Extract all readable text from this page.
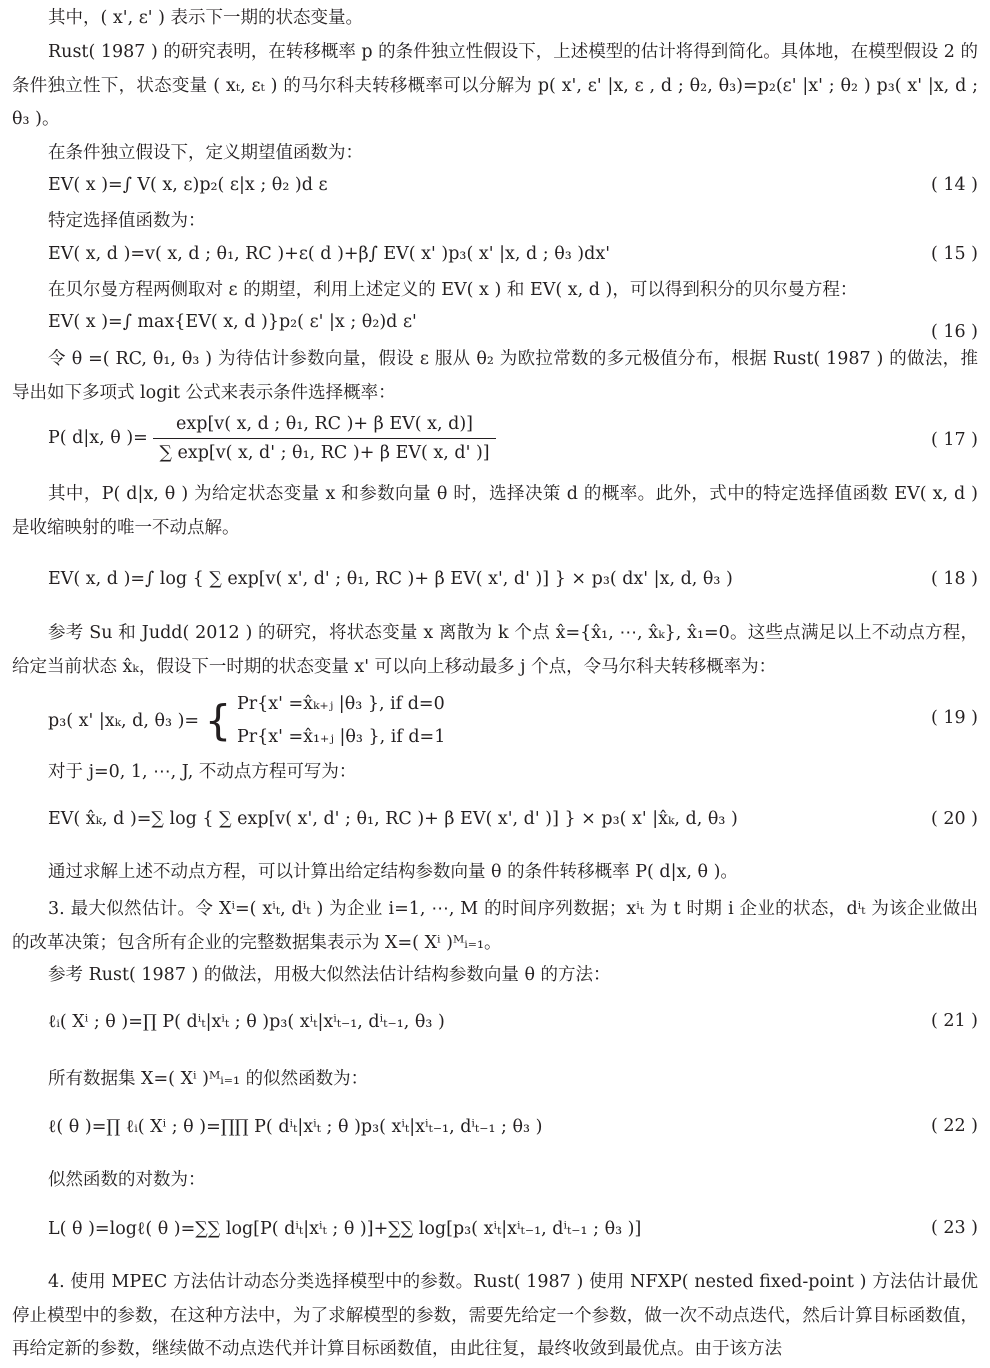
其中，( x', ε' ) 表示下一期的状态变量。

Rust( 1987 ) 的研究表明，在转移概率 p 的条件独立性假设下，上述模型的估计将得到简化。具体地，在模型假设 2 的条件独立性下，状态变量 ( xₜ, εₜ ) 的马尔科夫转移概率可以分解为 p( x', ε' |x, ε , d ; θ₂, θ₃)=p₂(ε' |x' ; θ₂ ) p₃( x' |x, d ; θ₃ )。

在条件独立假设下，定义期望值函数为：

EV( x )=∫ V( x, ε)p₂( ε|x ; θ₂ )d ε	( 14 )

特定选择值函数为：

EV( x, d )=v( x, d ; θ₁, RC )+ε( d )+β∫ EV( x' )p₃( x' |x, d ; θ₃ )dx'	( 15 )

在贝尔曼方程两侧取对 ε 的期望，利用上述定义的 EV( x ) 和 EV( x, d )，可以得到积分的贝尔曼方程：

EV( x )=∫ max{EV( x, d )}p₂( ε' |x ; θ₂)d ε'	( 16 )

令 θ =( RC, θ₁, θ₃ ) 为待估计参数向量，假设 ε 服从 θ₂ 为欧拉常数的多元极值分布，根据 Rust( 1987 ) 的做法，推导出如下多项式 logit 公式来表示条件选择概率：

P( d|x, θ )= $\frac{\text{exp[v( x, d ; θ₁, RC )+ β EV( x, d)]}}{\text{∑ exp[v( x, d' ; θ₁, RC )+ β EV( x, d' )]}}$	( 17 )

其中，P( d|x, θ ) 为给定状态变量 x 和参数向量 θ 时，选择决策 d 的概率。此外，式中的特定选择值函数 EV( x, d ) 是收缩映射的唯一不动点解。

EV( x, d )=∫ log { ∑ exp[v( x', d' ; θ₁, RC )+ β EV( x', d' )] } × p₃( dx' |x, d, θ₃ )	( 18 )

参考 Su 和 Judd( 2012 ) 的研究，将状态变量 x 离散为 k 个点 x̂={x̂₁, ⋯, x̂ₖ}, x̂₁=0。这些点满足以上不动点方程，给定当前状态 x̂ₖ，假设下一时期的状态变量 x' 可以向上移动最多 j 个点，令马尔科夫转移概率为：

p₃( x' |xₖ, d, θ₃ )= { Pr{x' =x̂ₖ₊ⱼ |θ₃ }, if d=0
Pr{x' =x̂₁₊ⱼ |θ₃ }, if d=1
( 19 )

对于 j=0, 1, ⋯, J, 不动点方程可写为：

EV( x̂ₖ, d )=∑ log { ∑ exp[v( x', d' ; θ₁, RC )+ β EV( x', d' )] } × p₃( x' |x̂ₖ, d, θ₃ )	( 20 )

通过求解上述不动点方程，可以计算出给定结构参数向量 θ 的条件转移概率 P( d|x, θ )。

3. 最大似然估计。令 Xⁱ=( xⁱₜ, dⁱₜ ) 为企业 i=1, ⋯, M 的时间序列数据；xⁱₜ 为 t 时期 i 企业的状态，dⁱₜ 为该企业做出的改革决策；包含所有企业的完整数据集表示为 X=( Xⁱ )ᴹᵢ₌₁。

参考 Rust( 1987 ) 的做法，用极大似然法估计结构参数向量 θ 的方法：

ℓᵢ( Xⁱ ; θ )=∏ P( dⁱₜ|xⁱₜ ; θ )p₃( xⁱₜ|xⁱₜ₋₁, dⁱₜ₋₁, θ₃ )	( 21 )

所有数据集 X=( Xⁱ )ᴹᵢ₌₁ 的似然函数为：

ℓ( θ )=∏ ℓᵢ( Xⁱ ; θ )=∏∏ P( dⁱₜ|xⁱₜ ; θ )p₃( xⁱₜ|xⁱₜ₋₁, dⁱₜ₋₁ ; θ₃ )	( 22 )

似然函数的对数为：

L( θ )=logℓ( θ )=∑∑ log[P( dⁱₜ|xⁱₜ ; θ )]+∑∑ log[p₃( xⁱₜ|xⁱₜ₋₁, dⁱₜ₋₁ ; θ₃ )]	( 23 )

4. 使用 MPEC 方法估计动态分类选择模型中的参数。Rust( 1987 ) 使用 NFXP( nested fixed-point ) 方法估计最优停止模型中的参数，在这种方法中，为了求解模型的参数，需要先给定一个参数，做一次不动点迭代，然后计算目标函数值，再给定新的参数，继续做不动点迭代并计算目标函数值，由此往复，最终收敛到最优点。由于该方法
